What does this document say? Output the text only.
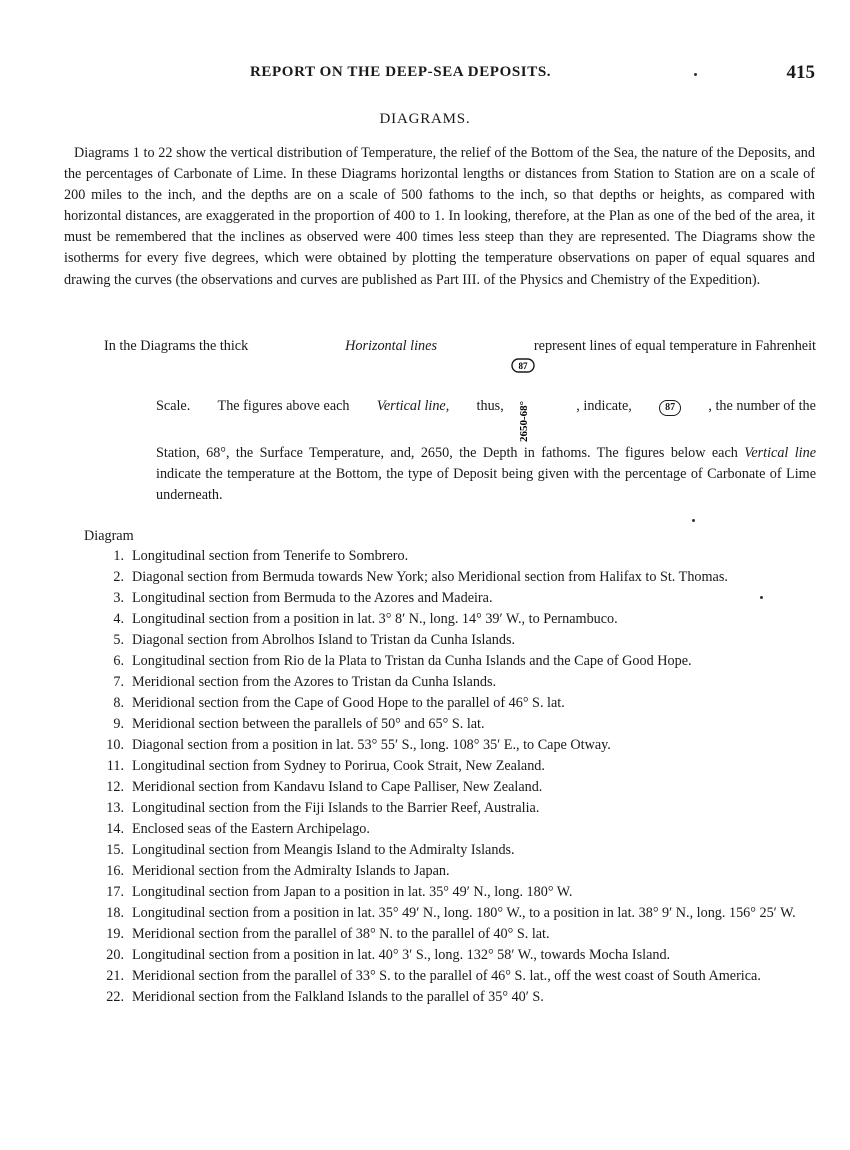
REPORT ON THE DEEP-SEA DEPOSITS.	415
DIAGRAMS.

Diagrams 1 to 22 show the vertical distribution of Temperature, the relief of the Bottom of the Sea, the nature of the Deposits, and the percentages of Carbonate of Lime. In these Diagrams horizontal lengths or distances from Station to Station are on a scale of 200 miles to the inch, and the depths are on a scale of 500 fathoms to the inch, so that depths or heights, as compared with horizontal distances, are exaggerated in the proportion of 400 to 1. In looking, therefore, at the Plan as one of the bed of the area, it must be remembered that the inclines as observed were 400 times less steep than they are represented. The Diagrams show the isotherms for every five degrees, which were obtained by plotting the temperature observations on paper of equal squares and drawing the curves (the observations and curves are published as Part III. of the Physics and Chemistry of the Expedition).

In the Diagrams the thick	Horizontal lines	represent lines of equal temperature in Fahrenheit
87
2650-68°
Scale. The figures above each Vertical line, thus,	, indicate,	87	, the number of the

Station, 68°, the Surface Temperature, and, 2650, the Depth in fathoms. The figures below each Vertical line indicate the temperature at the Bottom, the type of Deposit being given with the percentage of Carbonate of Lime underneath.

Diagram

1. Longitudinal section from Tenerife to Sombrero.
2. Diagonal section from Bermuda towards New York; also Meridional section from Halifax to St. Thomas.
3. Longitudinal section from Bermuda to the Azores and Madeira.
4. Longitudinal section from a position in lat. 3° 8′ N., long. 14° 39′ W., to Pernambuco.
5. Diagonal section from Abrolhos Island to Tristan da Cunha Islands.
6. Longitudinal section from Rio de la Plata to Tristan da Cunha Islands and the Cape of Good Hope.
7. Meridional section from the Azores to Tristan da Cunha Islands.
8. Meridional section from the Cape of Good Hope to the parallel of 46° S. lat.
9. Meridional section between the parallels of 50° and 65° S. lat.
10. Diagonal section from a position in lat. 53° 55′ S., long. 108° 35′ E., to Cape Otway.
11. Longitudinal section from Sydney to Porirua, Cook Strait, New Zealand.
12. Meridional section from Kandavu Island to Cape Palliser, New Zealand.
13. Longitudinal section from the Fiji Islands to the Barrier Reef, Australia.
14. Enclosed seas of the Eastern Archipelago.
15. Longitudinal section from Meangis Island to the Admiralty Islands.
16. Meridional section from the Admiralty Islands to Japan.
17. Longitudinal section from Japan to a position in lat. 35° 49′ N., long. 180° W.
18. Longitudinal section from a position in lat. 35° 49′ N., long. 180° W., to a position in lat. 38° 9′ N., long. 156° 25′ W.
19. Meridional section from the parallel of 38° N. to the parallel of 40° S. lat.
20. Longitudinal section from a position in lat. 40° 3′ S., long. 132° 58′ W., towards Mocha Island.
21. Meridional section from the parallel of 33° S. to the parallel of 46° S. lat., off the west coast of South America.
22. Meridional section from the Falkland Islands to the parallel of 35° 40′ S.
